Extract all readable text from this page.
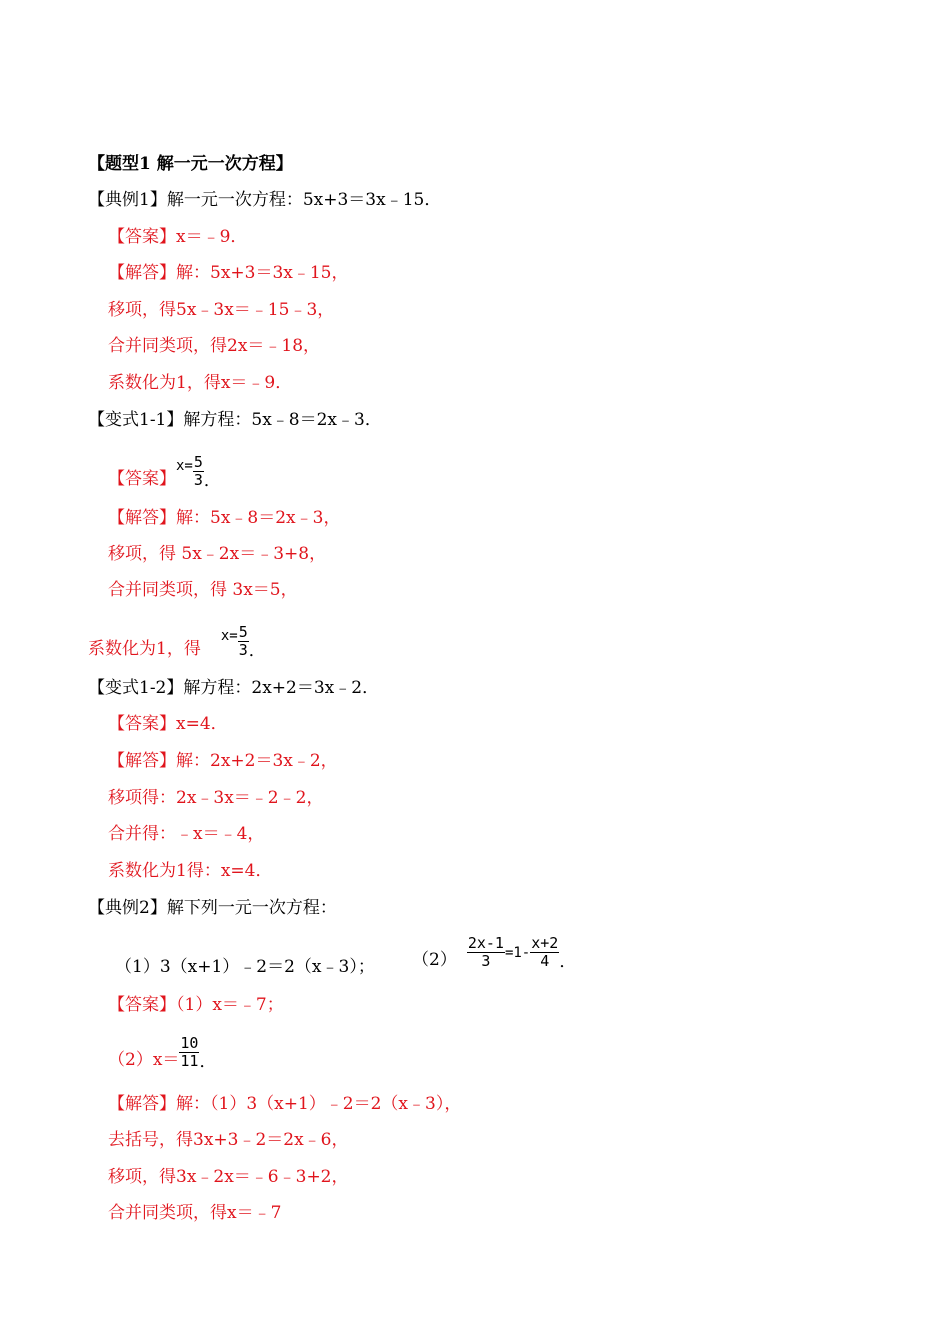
【题型1 解一元一次方程】
【典例1】解一元一次方程：5x+3＝3x﹣15．
【答案】x＝﹣9．
【解答】解：5x+3＝3x﹣15，
移项，得5x﹣3x＝﹣15﹣3，
合并同类项，得2x＝﹣18，
系数化为1，得x＝﹣9．
【变式1-1】解方程：5x﹣8＝2x﹣3．
【答案】$^{x=} \frac{5}{3}$ ．
【解答】解：5x﹣8＝2x﹣3，
移项，得 5x﹣2x＝﹣3+8，
合并同类项，得 3x＝5，
系数化为1，得$^{x=} \frac{5}{3}$ ．
【变式1-2】解方程：2x+2＝3x﹣2．
【答案】x=4．
【解答】解：2x+2＝3x﹣2，
移项得：2x﹣3x＝﹣2﹣2，
合并得：﹣x＝﹣4，
系数化为1得：x=4．
【典例2】解下列一元一次方程：
（1）3（x+1）﹣2＝2（x﹣3）； $(2) \frac{2x-1}{3} =1- \frac{x+2}{4}$ ．
【答案】（1）x＝﹣7；
$(2)x= \frac{10}{11}$ ．
【解答】解：（1）3（x+1）﹣2＝2（x﹣3），
去括号，得3x+3﹣2＝2x﹣6，
移项，得3x﹣2x＝﹣6﹣3+2，
合并同类项，得x＝﹣7
